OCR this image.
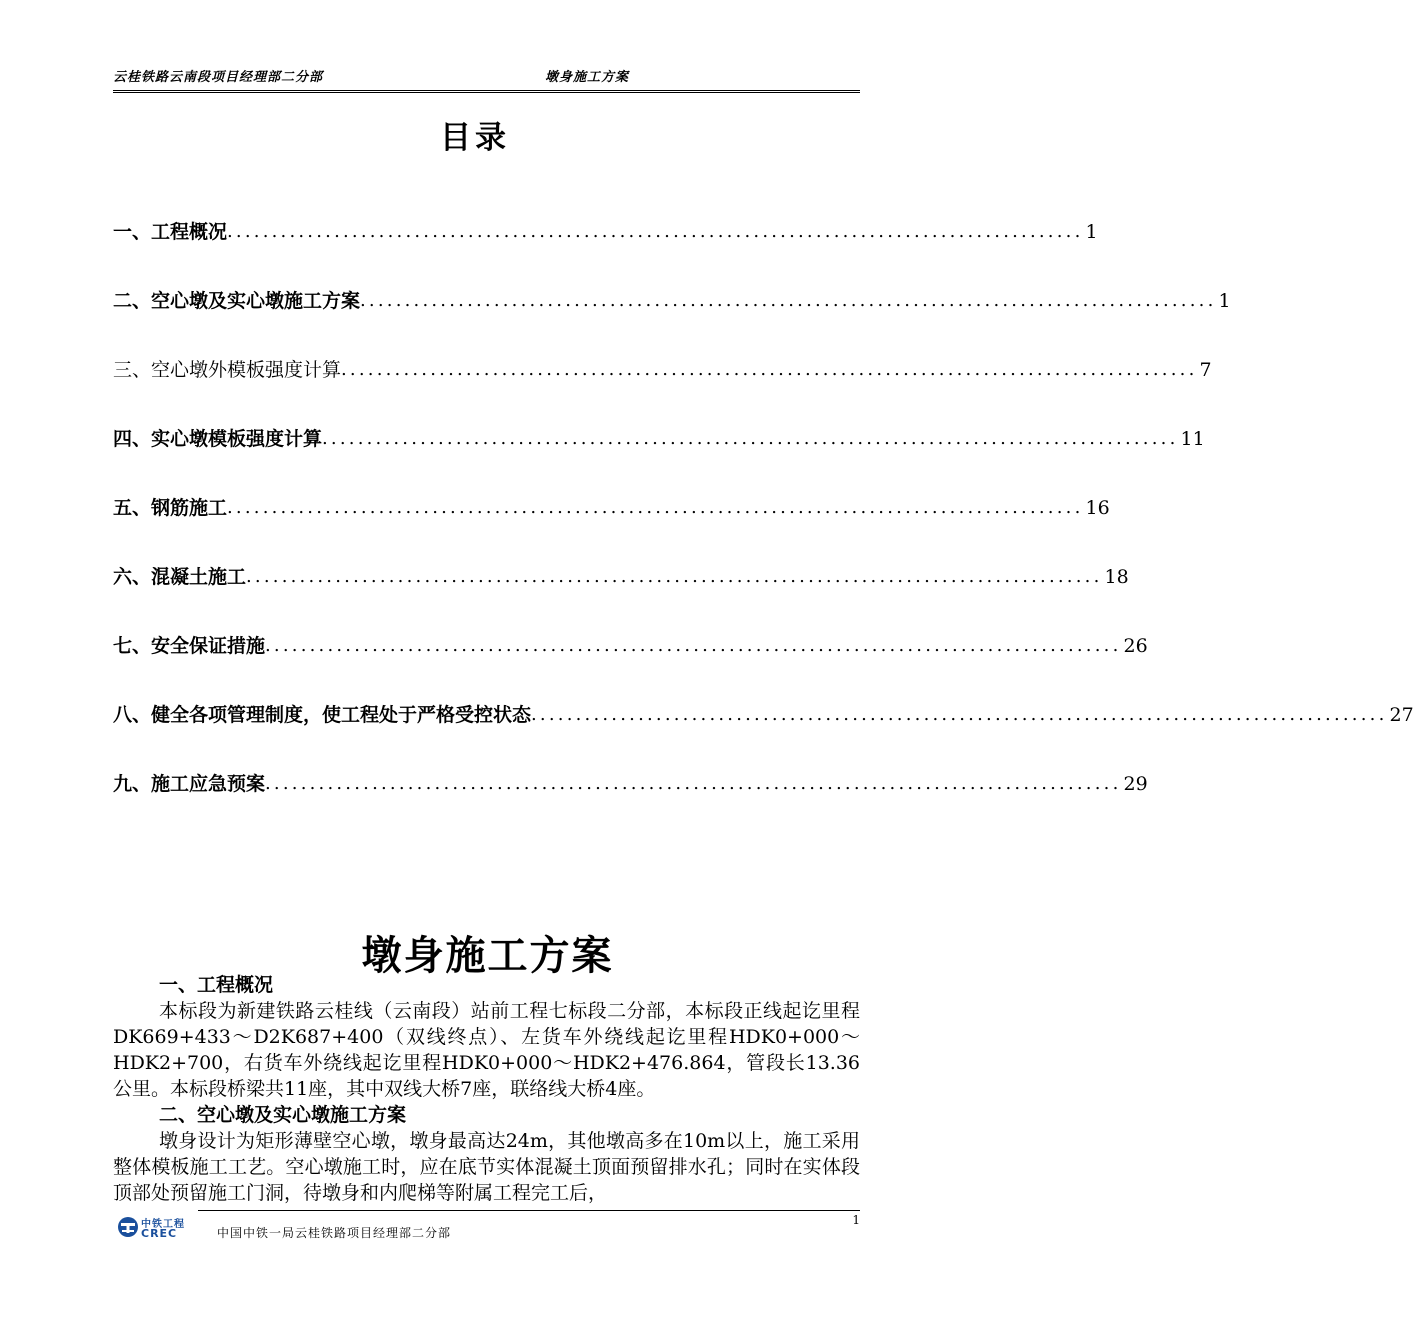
云桂铁路云南段项目经理部二分部	墩身施工方案
目录
一、工程概况 ................................................................................................ 1
二、空心墩及实心墩施工方案 ................................................................................................ 1
三、空心墩外模板强度计算 ................................................................................................ 7
四、实心墩模板强度计算 ................................................................................................ 11
五、钢筋施工 ................................................................................................ 16
六、混凝土施工 ................................................................................................ 18
七、安全保证措施 ................................................................................................ 26
八、健全各项管理制度，使工程处于严格受控状态 ................................................................................................ 27
九、施工应急预案 ................................................................................................ 29
墩身施工方案
一、工程概况
本标段为新建铁路云桂线（云南段）站前工程七标段二分部，本标段正线起讫里程DK669+433～D2K687+400（双线终点）、左货车外绕线起讫里程HDK0+000～HDK2+700，右货车外绕线起讫里程HDK0+000～HDK2+476.864，管段长13.36公里。本标段桥梁共11座，其中双线大桥7座，联络线大桥4座。
二、空心墩及实心墩施工方案
墩身设计为矩形薄壁空心墩，墩身最高达24m，其他墩高多在10m以上，施工采用整体模板施工工艺。空心墩施工时，应在底节实体混凝土顶面预留排水孔；同时在实体段顶部处预留施工门洞，待墩身和内爬梯等附属工程完工后，
中铁工程
CREC
1
中国中铁一局云桂铁路项目经理部二分部
